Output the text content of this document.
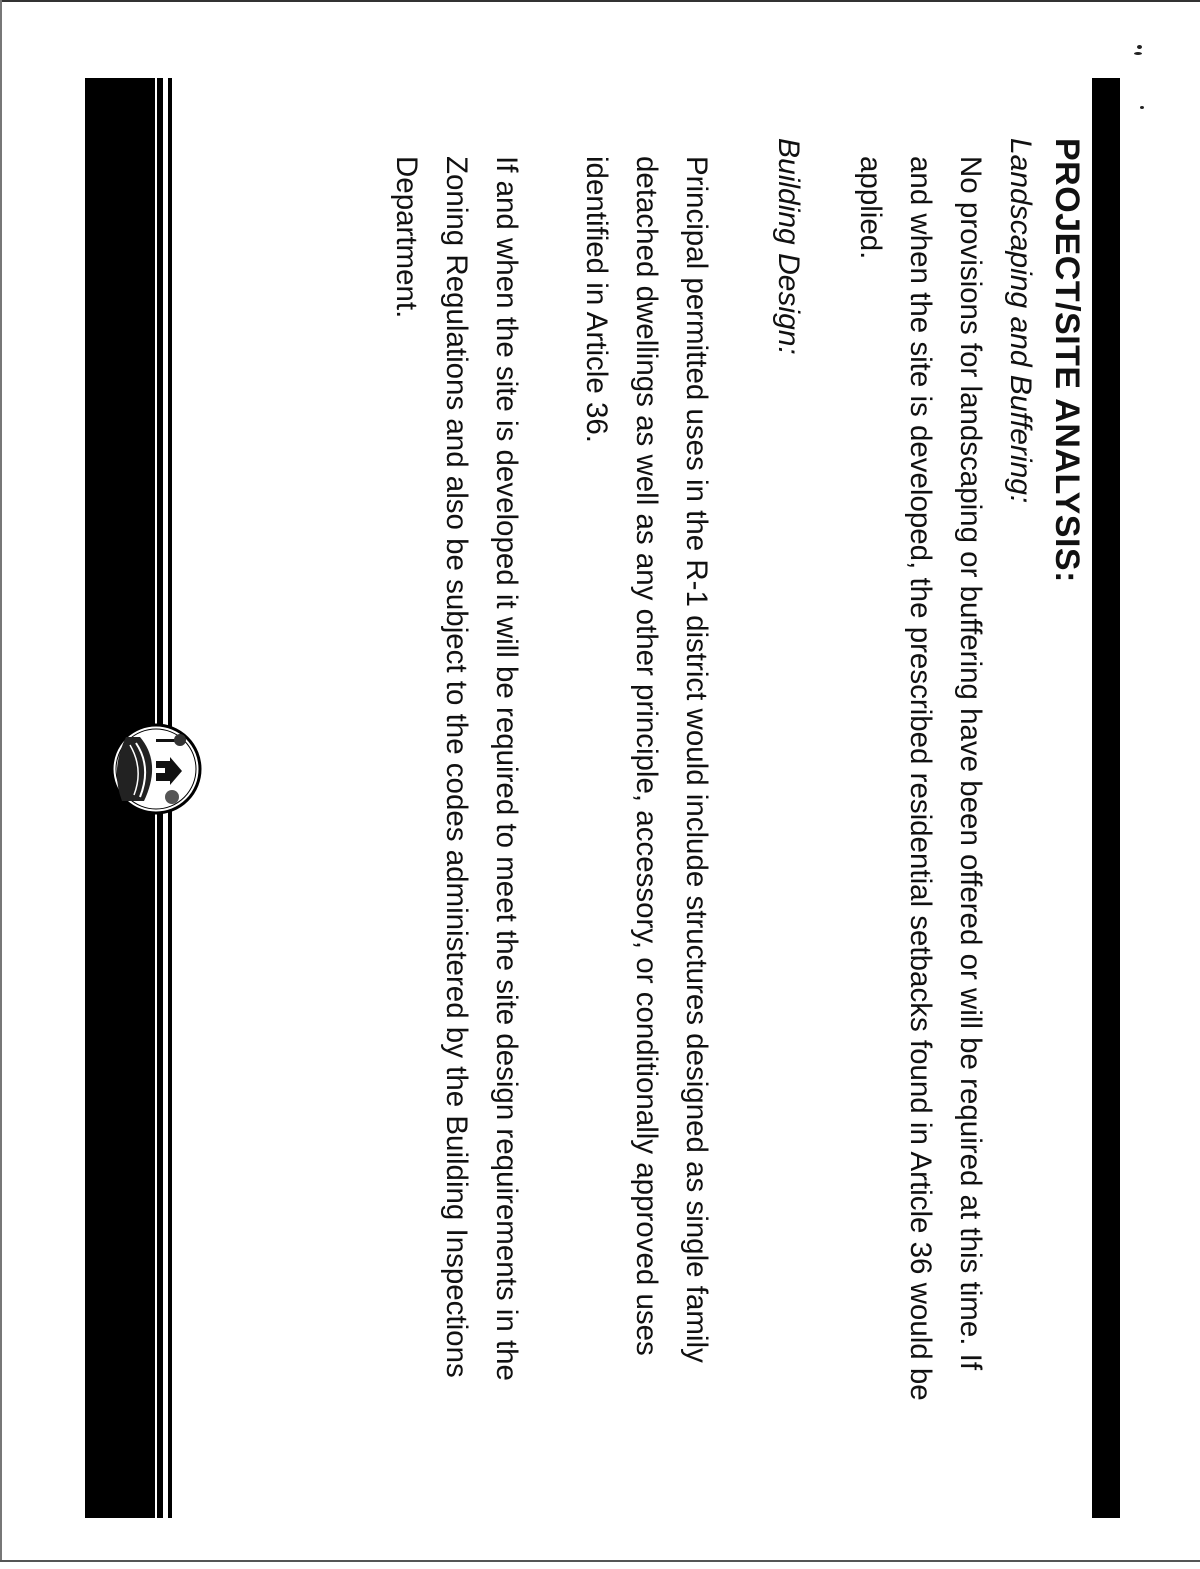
PROJECT/SITE ANALYSIS:
Landscaping and Buffering:
No provisions for landscaping or buffering have been offered or will be required at this time. If and when the site is developed, the prescribed residential setbacks found in Article 36 would be applied.
Building Design:
Principal permitted uses in the R-1 district would include structures designed as single family detached dwellings as well as any other principle, accessory, or conditionally approved uses identified in Article 36.
If and when the site is developed it will be required to meet the site design requirements in the Zoning Regulations and also be subject to the codes administered by the Building Inspections Department.
